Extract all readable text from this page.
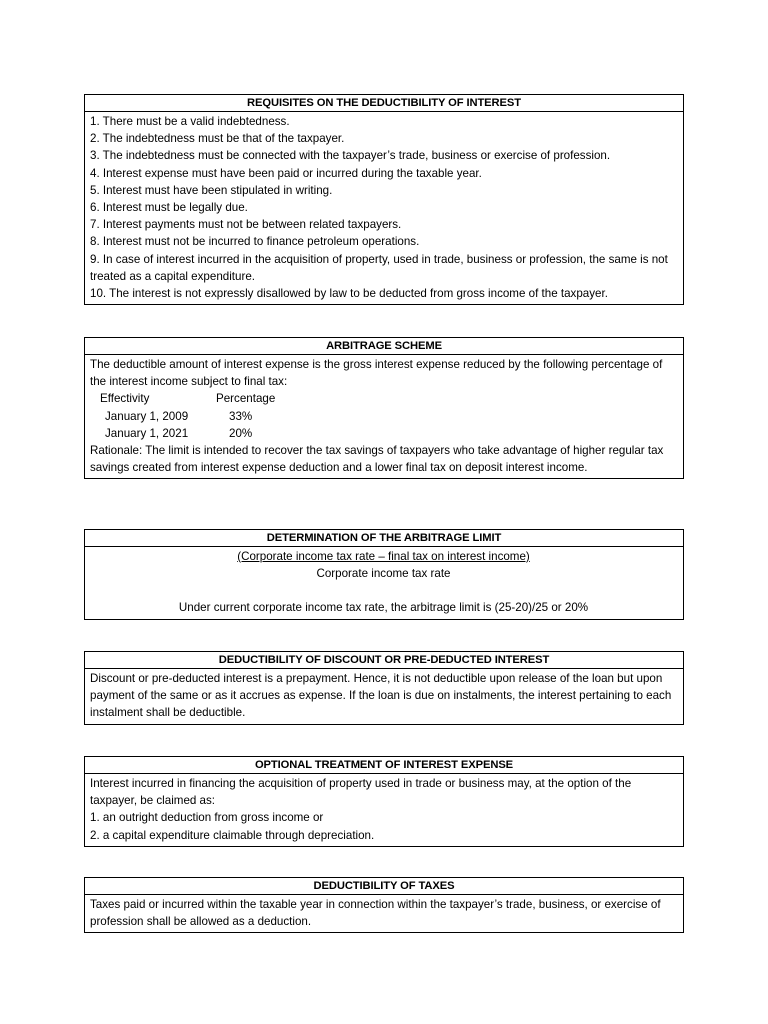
REQUISITES ON THE DEDUCTIBILITY OF INTEREST
1. There must be a valid indebtedness.
2. The indebtedness must be that of the taxpayer.
3. The indebtedness must be connected with the taxpayer’s trade, business or exercise of profession.
4. Interest expense must have been paid or incurred during the taxable year.
5. Interest must have been stipulated in writing.
6. Interest must be legally due.
7. Interest payments must not be between related taxpayers.
8. Interest must not be incurred to finance petroleum operations.
9. In case of interest incurred in the acquisition of property, used in trade, business or profession, the same is not treated as a capital expenditure.
10. The interest is not expressly disallowed by law to be deducted from gross income of the taxpayer.
ARBITRAGE SCHEME
The deductible amount of interest expense is the gross interest expense reduced by the following percentage of the interest income subject to final tax:
Effectivity	Percentage
January 1, 2009	33%
January 1, 2021	20%
Rationale: The limit is intended to recover the tax savings of taxpayers who take advantage of higher regular tax savings created from interest expense deduction and a lower final tax on deposit interest income.
DETERMINATION OF THE ARBITRAGE LIMIT
(Corporate income tax rate – final tax on interest income)
Corporate income tax rate
Under current corporate income tax rate, the arbitrage limit is (25-20)/25 or 20%
DEDUCTIBILITY OF DISCOUNT OR PRE-DEDUCTED INTEREST
Discount or pre-deducted interest is a prepayment. Hence, it is not deductible upon release of the loan but upon payment of the same or as it accrues as expense. If the loan is due on instalments, the interest pertaining to each instalment shall be deductible.
OPTIONAL TREATMENT OF INTEREST EXPENSE
Interest incurred in financing the acquisition of property used in trade or business may, at the option of the taxpayer, be claimed as:
1. an outright deduction from gross income or
2. a capital expenditure claimable through depreciation.
DEDUCTIBILITY OF TAXES
Taxes paid or incurred within the taxable year in connection within the taxpayer’s trade, business, or exercise of profession shall be allowed as a deduction.
